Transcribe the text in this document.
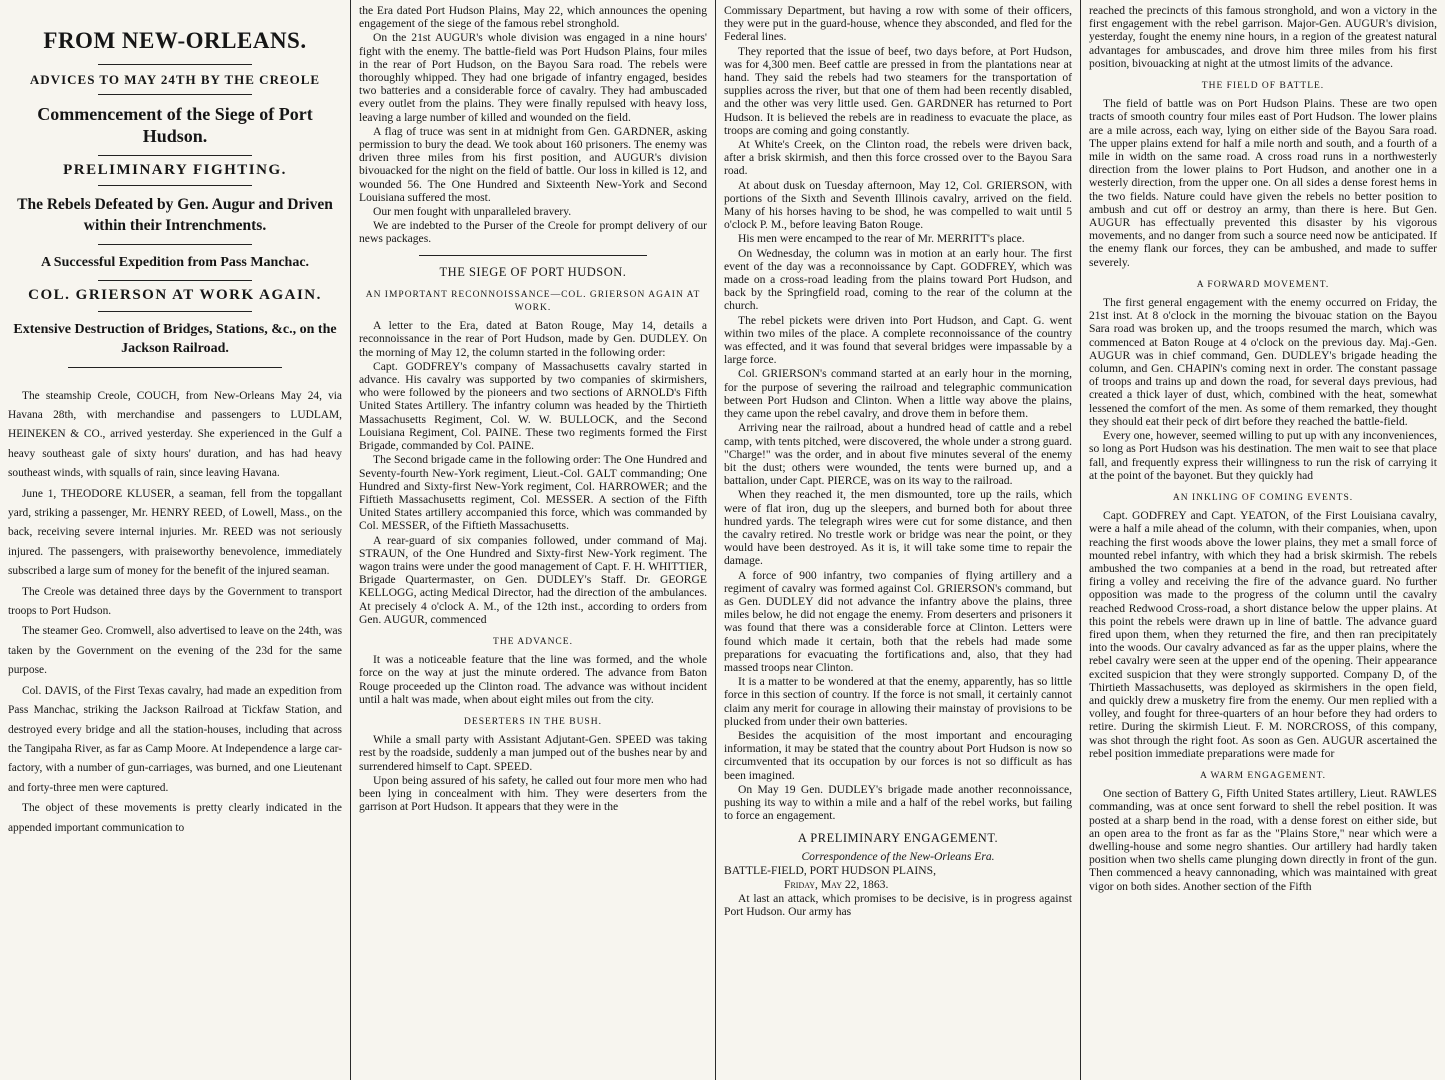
FROM NEW-ORLEANS.
ADVICES TO MAY 24TH BY THE CREOLE
Commencement of the Siege of Port Hudson.
PRELIMINARY FIGHTING.
The Rebels Defeated by Gen. Augur and Driven within their Intrenchments.
A Successful Expedition from Pass Manchac.
COL. GRIERSON AT WORK AGAIN.
Extensive Destruction of Bridges, Stations, &c., on the Jackson Railroad.

The steamship Creole, COUCH, from New-Orleans May 24, via Havana 28th, with merchandise and passengers to LUDLAM, HEINEKEN & CO., arrived yesterday. She experienced in the Gulf a heavy southeast gale of sixty hours' duration, and has had heavy southeast winds, with squalls of rain, since leaving Havana.

June 1, THEODORE KLUSER, a seaman, fell from the topgallant yard, striking a passenger, Mr. HENRY REED, of Lowell, Mass., on the back, receiving severe internal injuries. Mr. REED was not seriously injured. The passengers, with praiseworthy benevolence, immediately subscribed a large sum of money for the benefit of the injured seaman.

The Creole was detained three days by the Government to transport troops to Port Hudson.

The steamer Geo. Cromwell, also advertised to leave on the 24th, was taken by the Government on the evening of the 23d for the same purpose.

Col. DAVIS, of the First Texas cavalry, had made an expedition from Pass Manchac, striking the Jackson Railroad at Tickfaw Station, and destroyed every bridge and all the station-houses, including that across the Tangipaha River, as far as Camp Moore. At Independence a large car-factory, with a number of gun-carriages, was burned, and one Lieutenant and forty-three men were captured.

The object of these movements is pretty clearly indicated in the appended important communication to

the Era dated Port Hudson Plains, May 22, which announces the opening engagement of the siege of the famous rebel stronghold.

On the 21st AUGUR's whole division was engaged in a nine hours' fight with the enemy. The battle-field was Port Hudson Plains, four miles in the rear of Port Hudson, on the Bayou Sara road. The rebels were thoroughly whipped. They had one brigade of infantry engaged, besides two batteries and a considerable force of cavalry. They had ambuscaded every outlet from the plains. They were finally repulsed with heavy loss, leaving a large number of killed and wounded on the field.

A flag of truce was sent in at midnight from Gen. GARDNER, asking permission to bury the dead. We took about 160 prisoners. The enemy was driven three miles from his first position, and AUGUR's division bivouacked for the night on the field of battle. Our loss in killed is 12, and wounded 56. The One Hundred and Sixteenth New-York and Second Louisiana suffered the most.

Our men fought with unparalleled bravery.

We are indebted to the Purser of the Creole for prompt delivery of our news packages.

THE SIEGE OF PORT HUDSON.
AN IMPORTANT RECONNOISSANCE—COL. GRIERSON AGAIN AT WORK.

A letter to the Era, dated at Baton Rouge, May 14, details a reconnoissance in the rear of Port Hudson, made by Gen. DUDLEY. On the morning of May 12, the column started in the following order:

Capt. GODFREY's company of Massachusetts cavalry started in advance. His cavalry was supported by two companies of skirmishers, who were followed by the pioneers and two sections of ARNOLD's Fifth United States Artillery. The infantry column was headed by the Thirtieth Massachusetts Regiment, Col. W. W. BULLOCK, and the Second Louisiana Regiment, Col. PAINE. These two regiments formed the First Brigade, commanded by Col. PAINE.

The Second brigade came in the following order: The One Hundred and Seventy-fourth New-York regiment, Lieut.-Col. GALT commanding; One Hundred and Sixty-first New-York regiment, Col. HARROWER; and the Fiftieth Massachusetts regiment, Col. MESSER. A section of the Fifth United States artillery accompanied this force, which was commanded by Col. MESSER, of the Fiftieth Massachusetts.

A rear-guard of six companies followed, under command of Maj. STRAUN, of the One Hundred and Sixty-first New-York regiment. The wagon trains were under the good management of Capt. F. H. WHITTIER, Brigade Quartermaster, on Gen. DUDLEY's Staff. Dr. GEORGE KELLOGG, acting Medical Director, had the direction of the ambulances. At precisely 4 o'clock A. M., of the 12th inst., according to orders from Gen. AUGUR, commenced

THE ADVANCE.

It was a noticeable feature that the line was formed, and the whole force on the way at just the minute ordered. The advance from Baton Rouge proceeded up the Clinton road. The advance was without incident until a halt was made, when about eight miles out from the city.

DESERTERS IN THE BUSH.

While a small party with Assistant Adjutant-Gen. SPEED was taking rest by the roadside, suddenly a man jumped out of the bushes near by and surrendered himself to Capt. SPEED.

Upon being assured of his safety, he called out four more men who had been lying in concealment with him. They were deserters from the garrison at Port Hudson. It appears that they were in the

Commissary Department, but having a row with some of their officers, they were put in the guard-house, whence they absconded, and fled for the Federal lines.

They reported that the issue of beef, two days before, at Port Hudson, was for 4,300 men. Beef cattle are pressed in from the plantations near at hand. They said the rebels had two steamers for the transportation of supplies across the river, but that one of them had been recently disabled, and the other was very little used. Gen. GARDNER has returned to Port Hudson. It is believed the rebels are in readiness to evacuate the place, as troops are coming and going constantly.

At White's Creek, on the Clinton road, the rebels were driven back, after a brisk skirmish, and then this force crossed over to the Bayou Sara road.

At about dusk on Tuesday afternoon, May 12, Col. GRIERSON, with portions of the Sixth and Seventh Illinois cavalry, arrived on the field. Many of his horses having to be shod, he was compelled to wait until 5 o'clock P. M., before leaving Baton Rouge.

His men were encamped to the rear of Mr. MERRITT's place.

On Wednesday, the column was in motion at an early hour. The first event of the day was a reconnoissance by Capt. GODFREY, which was made on a cross-road leading from the plains toward Port Hudson, and back by the Springfield road, coming to the rear of the column at the church.

The rebel pickets were driven into Port Hudson, and Capt. G. went within two miles of the place. A complete reconnoissance of the country was effected, and it was found that several bridges were impassable by a large force.

Col. GRIERSON's command started at an early hour in the morning, for the purpose of severing the railroad and telegraphic communication between Port Hudson and Clinton. When a little way above the plains, they came upon the rebel cavalry, and drove them in before them.

Arriving near the railroad, about a hundred head of cattle and a rebel camp, with tents pitched, were discovered, the whole under a strong guard. "Charge!" was the order, and in about five minutes several of the enemy bit the dust; others were wounded, the tents were burned up, and a battalion, under Capt. PIERCE, was on its way to the railroad.

When they reached it, the men dismounted, tore up the rails, which were of flat iron, dug up the sleepers, and burned both for about three hundred yards. The telegraph wires were cut for some distance, and then the cavalry retired. No trestle work or bridge was near the point, or they would have been destroyed. As it is, it will take some time to repair the damage.

A force of 900 infantry, two companies of flying artillery and a regiment of cavalry was formed against Col. GRIERSON's command, but as Gen. DUDLEY did not advance the infantry above the plains, three miles below, he did not engage the enemy. From deserters and prisoners it was found that there was a considerable force at Clinton. Letters were found which made it certain, both that the rebels had made some preparations for evacuating the fortifications and, also, that they had massed troops near Clinton.

It is a matter to be wondered at that the enemy, apparently, has so little force in this section of country. If the force is not small, it certainly cannot claim any merit for courage in allowing their mainstay of provisions to be plucked from under their own batteries.

Besides the acquisition of the most important and encouraging information, it may be stated that the country about Port Hudson is now so circumvented that its occupation by our forces is not so difficult as has been imagined.

On May 19 Gen. DUDLEY's brigade made another reconnoissance, pushing its way to within a mile and a half of the rebel works, but failing to force an engagement.

A PRELIMINARY ENGAGEMENT.

Correspondence of the New-Orleans Era.

BATTLE-FIELD, PORT HUDSON PLAINS,

Friday, May 22, 1863.

At last an attack, which promises to be decisive, is in progress against Port Hudson. Our army has

reached the precincts of this famous stronghold, and won a victory in the first engagement with the rebel garrison. Major-Gen. AUGUR's division, yesterday, fought the enemy nine hours, in a region of the greatest natural advantages for ambuscades, and drove him three miles from his first position, bivouacking at night at the utmost limits of the advance.

THE FIELD OF BATTLE.

The field of battle was on Port Hudson Plains. These are two open tracts of smooth country four miles east of Port Hudson. The lower plains are a mile across, each way, lying on either side of the Bayou Sara road. The upper plains extend for half a mile north and south, and a fourth of a mile in width on the same road. A cross road runs in a northwesterly direction from the lower plains to Port Hudson, and another one in a westerly direction, from the upper one. On all sides a dense forest hems in the two fields. Nature could have given the rebels no better position to ambush and cut off or destroy an army, than there is here. But Gen. AUGUR has effectually prevented this disaster by his vigorous movements, and no danger from such a source need now be anticipated. If the enemy flank our forces, they can be ambushed, and made to suffer severely.

A FORWARD MOVEMENT.

The first general engagement with the enemy occurred on Friday, the 21st inst. At 8 o'clock in the morning the bivouac station on the Bayou Sara road was broken up, and the troops resumed the march, which was commenced at Baton Rouge at 4 o'clock on the previous day. Maj.-Gen. AUGUR was in chief command, Gen. DUDLEY's brigade heading the column, and Gen. CHAPIN's coming next in order. The constant passage of troops and trains up and down the road, for several days previous, had created a thick layer of dust, which, combined with the heat, somewhat lessened the comfort of the men. As some of them remarked, they thought they should eat their peck of dirt before they reached the battle-field.

Every one, however, seemed willing to put up with any inconveniences, so long as Port Hudson was his destination. The men wait to see that place fall, and frequently express their willingness to run the risk of carrying it at the point of the bayonet. But they quickly had

AN INKLING OF COMING EVENTS.

Capt. GODFREY and Capt. YEATON, of the First Louisiana cavalry, were a half a mile ahead of the column, with their companies, when, upon reaching the first woods above the lower plains, they met a small force of mounted rebel infantry, with which they had a brisk skirmish. The rebels ambushed the two companies at a bend in the road, but retreated after firing a volley and receiving the fire of the advance guard. No further opposition was made to the progress of the column until the cavalry reached Redwood Cross-road, a short distance below the upper plains. At this point the rebels were drawn up in line of battle. The advance guard fired upon them, when they returned the fire, and then ran precipitately into the woods. Our cavalry advanced as far as the upper plains, where the rebel cavalry were seen at the upper end of the opening. Their appearance excited suspicion that they were strongly supported. Company D, of the Thirtieth Massachusetts, was deployed as skirmishers in the open field, and quickly drew a musketry fire from the enemy. Our men replied with a volley, and fought for three-quarters of an hour before they had orders to retire. During the skirmish Lieut. F. M. NORCROSS, of this company, was shot through the right foot. As soon as Gen. AUGUR ascertained the rebel position immediate preparations were made for

A WARM ENGAGEMENT.

One section of Battery G, Fifth United States artillery, Lieut. RAWLES commanding, was at once sent forward to shell the rebel position. It was posted at a sharp bend in the road, with a dense forest on either side, but an open area to the front as far as the "Plains Store," near which were a dwelling-house and some negro shanties. Our artillery had hardly taken position when two shells came plunging down directly in front of the gun. Then commenced a heavy cannonading, which was maintained with great vigor on both sides. Another section of the Fifth
